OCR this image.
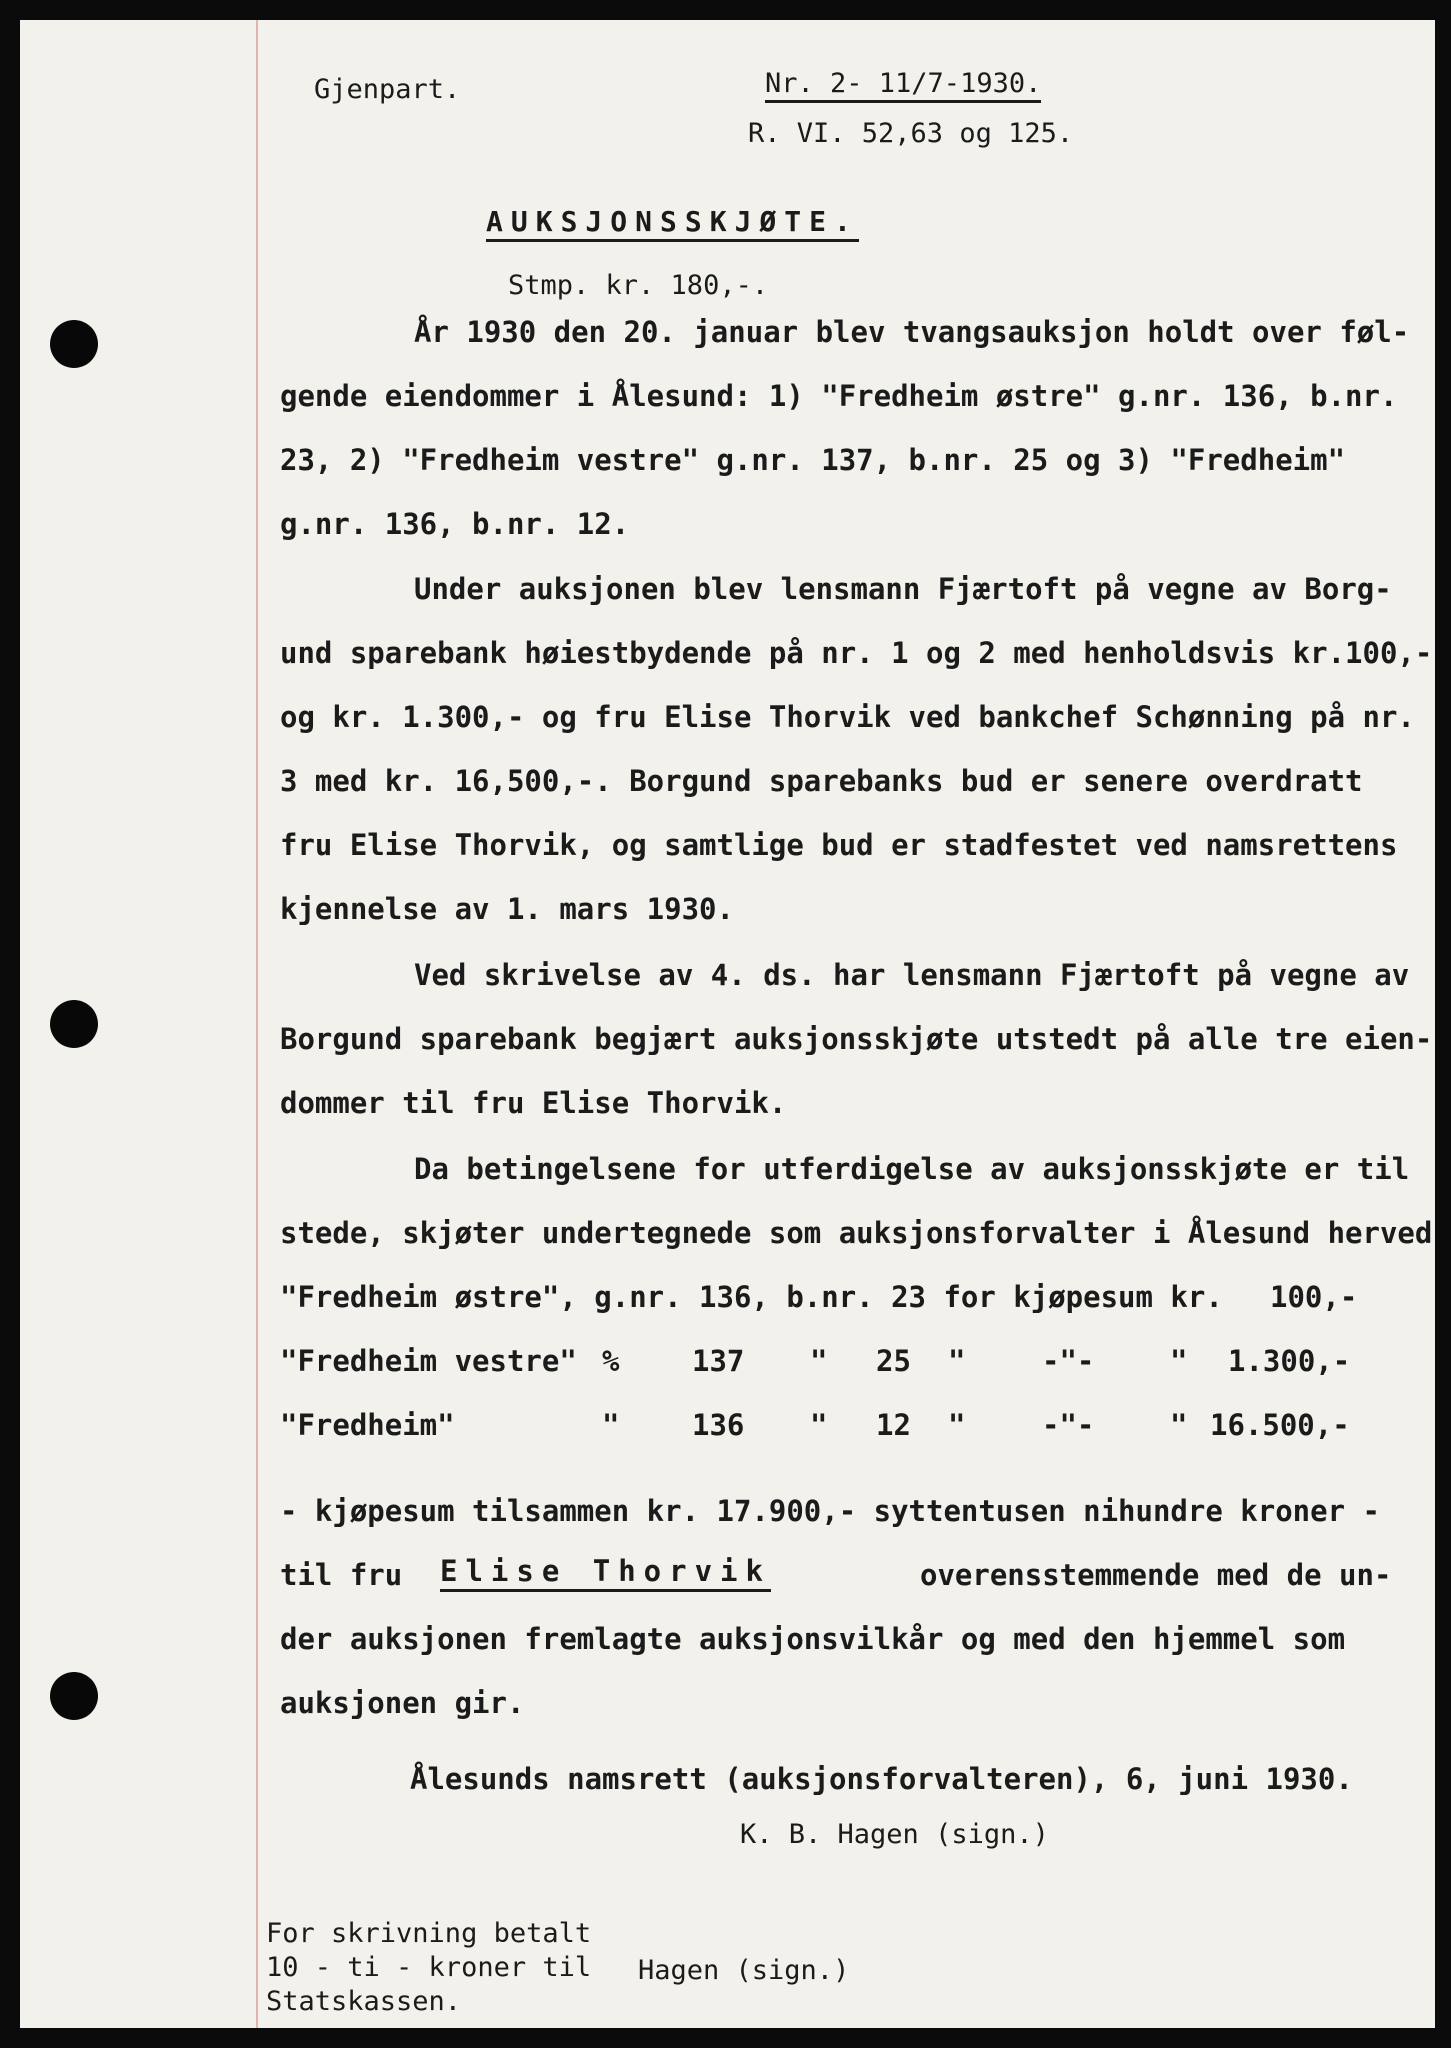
Gjenpart.	Nr. 2- 11/7-1930.
R. VI. 52,63 og 125.
AUKSJONSSKJØTE.
Stmp. kr. 180,-.
År 1930 den 20. januar blev tvangsauksjon holdt over føl-
gende eiendommer i Ålesund: 1) "Fredheim østre" g.nr. 136, b.nr.
23, 2) "Fredheim vestre" g.nr. 137, b.nr. 25 og 3) "Fredheim"
g.nr. 136, b.nr. 12.
Under auksjonen blev lensmann Fjærtoft på vegne av Borg-
und sparebank høiestbydende på nr. 1 og 2 med henholdsvis kr.100,-
og kr. 1.300,- og fru Elise Thorvik ved bankchef Schønning på nr.
3 med kr. 16,500,-. Borgund sparebanks bud er senere overdratt
fru Elise Thorvik, og samtlige bud er stadfestet ved namsrettens
kjennelse av 1. mars 1930.
Ved skrivelse av 4. ds. har lensmann Fjærtoft på vegne av
Borgund sparebank begjært auksjonsskjøte utstedt på alle tre eien-
dommer til fru Elise Thorvik.
Da betingelsene for utferdigelse av auksjonsskjøte er til
stede, skjøter undertegnede som auksjonsforvalter i Ålesund herved
"Fredheim østre", g.nr. 136, b.nr. 23 for kjøpesum kr. 100,-
"Fredheim vestre" %	137 " 25 "	-"-	" 1.300,-
"Fredheim"	"	136 " 12 "	-"-	" 16.500,-
- kjøpesum tilsammen kr. 17.900,- syttentusen nihundre kroner -
til fru Elise Thorvik	overensstemmende med de un-
der auksjonen fremlagte auksjonsvilkår og med den hjemmel som
auksjonen gir.
Ålesunds namsrett (auksjonsforvalteren), 6, juni 1930.
K. B. Hagen (sign.)
For skrivning betalt
10 - ti - kroner til Hagen (sign.)
Statskassen.
